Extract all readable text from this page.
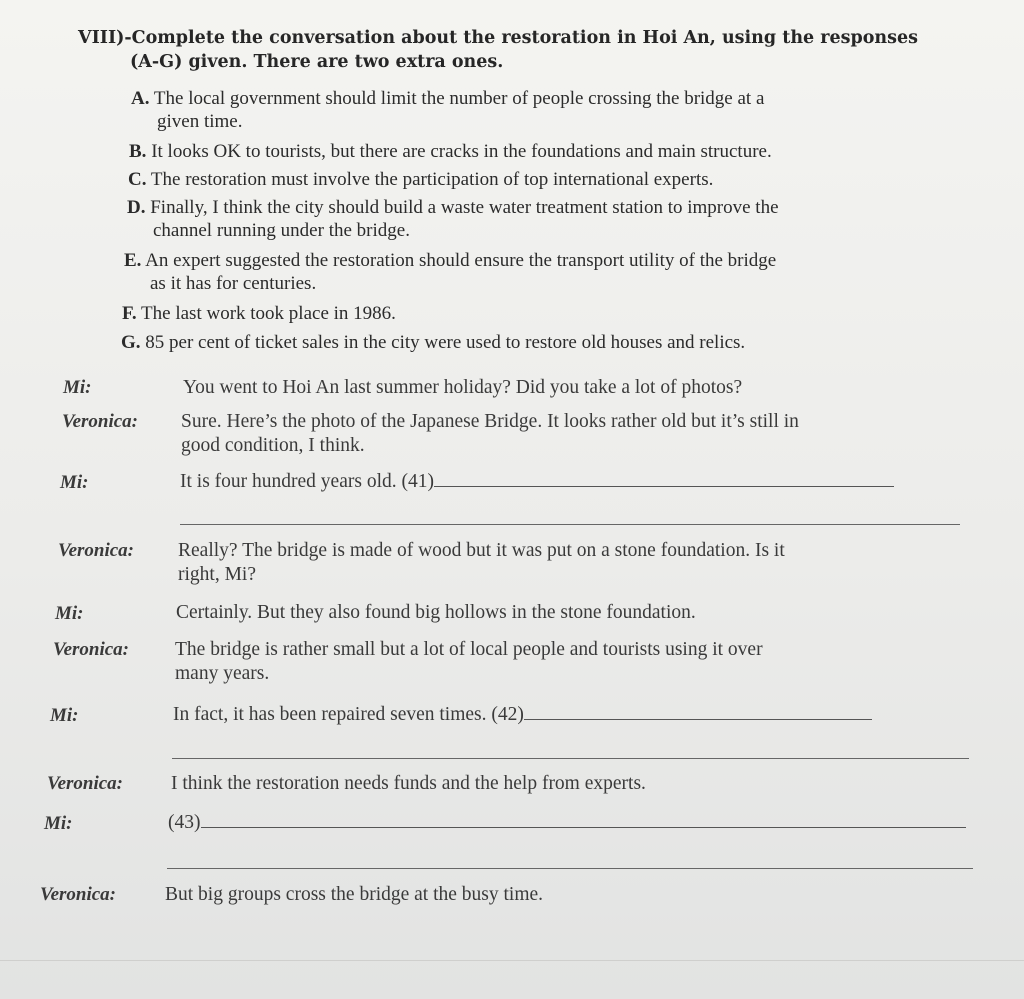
VIII)-Complete the conversation about the restoration in Hoi An, using the responses
(A-G) given. There are two extra ones.
A. The local government should limit the number of people crossing the bridge at a
given time.
B. It looks OK to tourists, but there are cracks in the foundations and main structure.
C. The restoration must involve the participation of top international experts.
D. Finally, I think the city should build a waste water treatment station to improve the
channel running under the bridge.
E. An expert suggested the restoration should ensure the transport utility of the bridge
as it has for centuries.
F. The last work took place in 1986.
G. 85 per cent of ticket sales in the city were used to restore old houses and relics.
Mi:	You went to Hoi An last summer holiday? Did you take a lot of photos?
Veronica: Sure. Here’s the photo of the Japanese Bridge. It looks rather old but it’s still in
good condition, I think.
Mi:	It is four hundred years old. (41)
Veronica: Really? The bridge is made of wood but it was put on a stone foundation. Is it
right, Mi?
Mi:	Certainly. But they also found big hollows in the stone foundation.
Veronica: The bridge is rather small but a lot of local people and tourists using it over
many years.
Mi:	In fact, it has been repaired seven times. (42)
Veronica: I think the restoration needs funds and the help from experts.
Mi:	(43)
Veronica:	But big groups cross the bridge at the busy time.
